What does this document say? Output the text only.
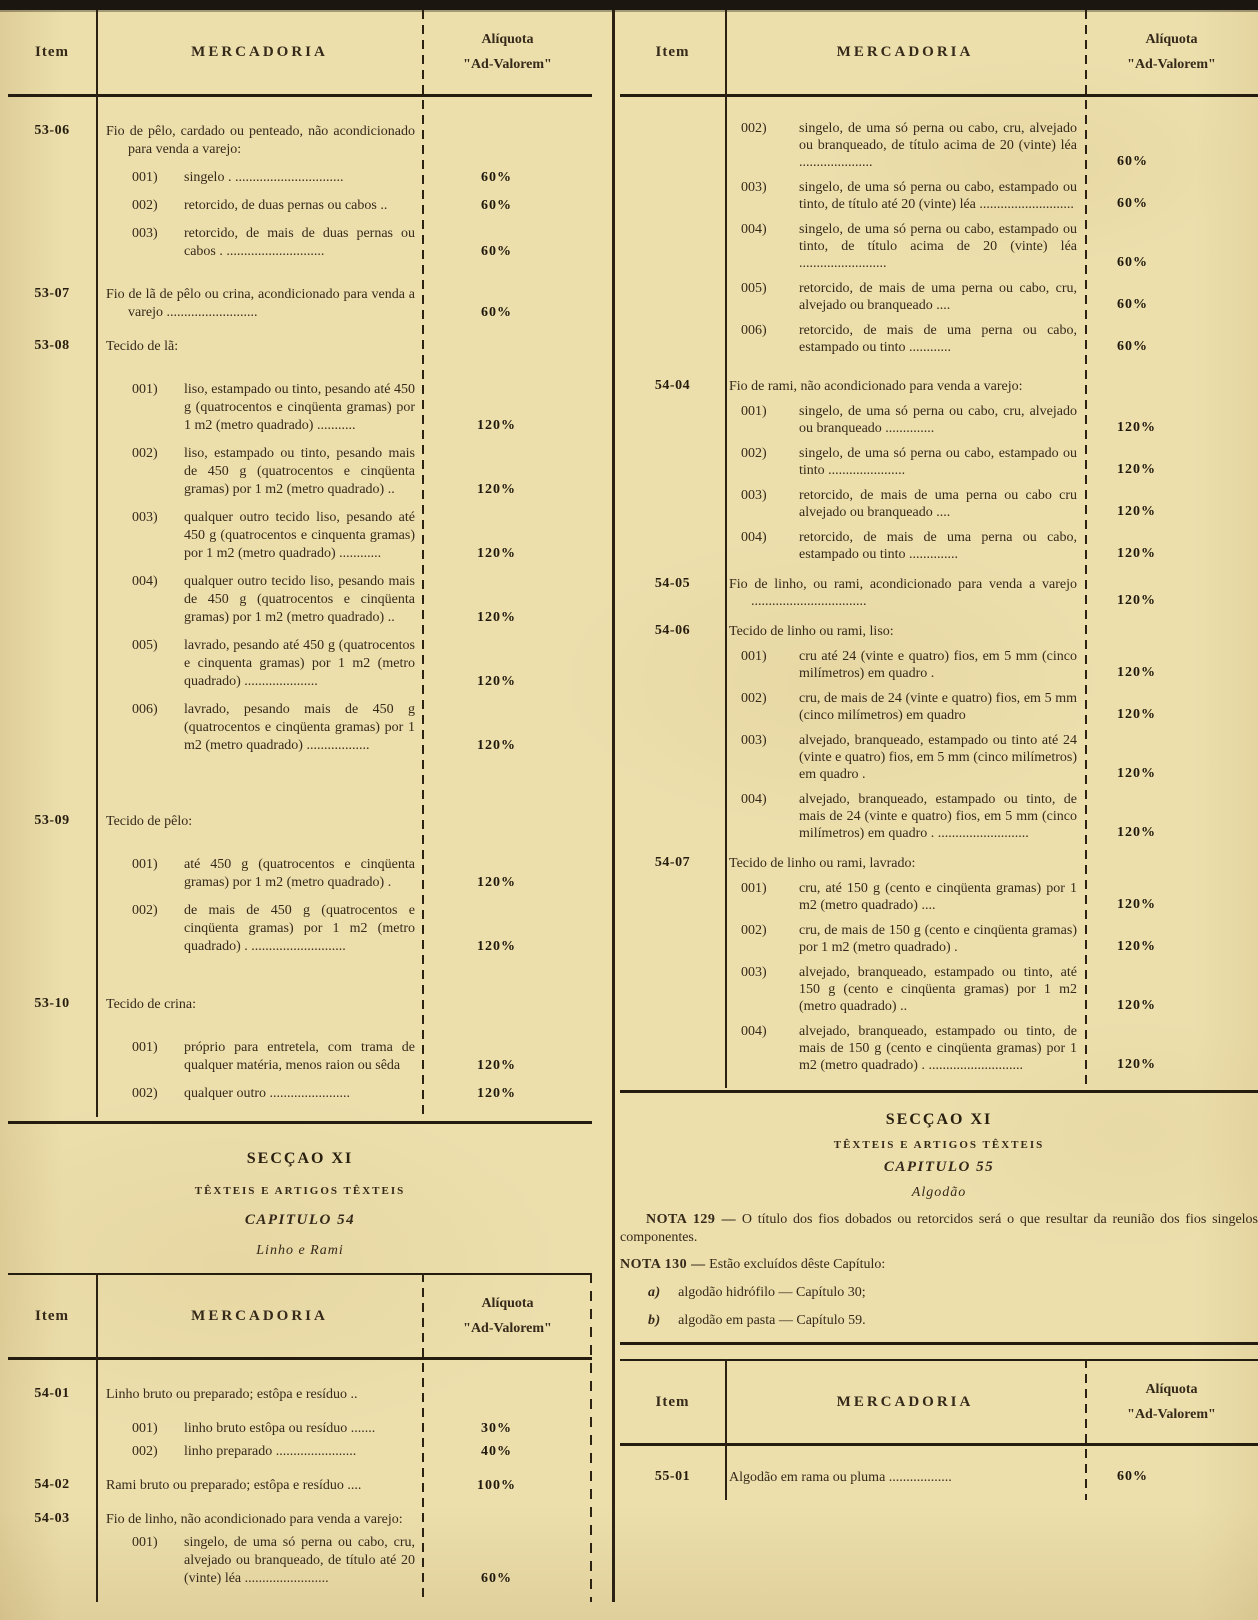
Item	MERCADORIA
Alíquota
"Ad-Valorem"
53-06	Fio de pêlo, cardado ou penteado, não acondicionado para venda a varejo:
001)	singelo . ...............................	60%
002)	retorcido, de duas pernas ou cabos ..	60%
003)	retorcido, de mais de duas pernas ou cabos . ............................	60%
53-07	Fio de lã de pêlo ou crina, acondicionado para venda a varejo ..........................	60%
53-08	Tecido de lã:
001)	liso, estampado ou tinto, pesando até 450 g (quatrocentos e cinqüenta gramas) por 1 m2 (metro quadrado) ...........	120%
002)	liso, estampado ou tinto, pesando mais de 450 g (quatrocentos e cinqüenta gramas) por 1 m2 (metro quadrado) ..	120%
003)	qualquer outro tecido liso, pesando até 450 g (quatrocentos e cinquenta gramas) por 1 m2 (metro quadrado) ............	120%
004)	qualquer outro tecido liso, pesando mais de 450 g (quatrocentos e cinqüenta gramas) por 1 m2 (metro quadrado) ..	120%
005)	lavrado, pesando até 450 g (quatrocentos e cinquenta gramas) por 1 m2 (metro quadrado) .....................	120%
006)	lavrado, pesando mais de 450 g (quatrocentos e cinqüenta gramas) por 1 m2 (metro quadrado) ..................	120%
53-09	Tecido de pêlo:
001)	até 450 g (quatrocentos e cinqüenta gramas) por 1 m2 (metro quadrado) .	120%
002)	de mais de 450 g (quatrocentos e cinqüenta gramas) por 1 m2 (metro quadrado) . ...........................	120%
53-10	Tecido de crina:
001)	próprio para entretela, com trama de qualquer matéria, menos raion ou sêda	120%
002)	qualquer outro .......................	120%
SECÇAO XI
TÊXTEIS E ARTIGOS TÊXTEIS
CAPITULO 54
Linho e Rami
Item	MERCADORIA
Alíquota
"Ad-Valorem"
54-01	Linho bruto ou preparado; estôpa e resíduo ..
001)	linho bruto estôpa ou resíduo .......	30%
002)	linho preparado .......................	40%
54-02	Rami bruto ou preparado; estôpa e resíduo ....	100%
54-03	Fio de linho, não acondicionado para venda a varejo:
001)	singelo, de uma só perna ou cabo, cru, alvejado ou branqueado, de título até 20 (vinte) léa ........................	60%
Item	MERCADORIA
Alíquota
"Ad-Valorem"
002)	singelo, de uma só perna ou cabo, cru, alvejado ou branqueado, de título acima de 20 (vinte) léa .....................	60%
003)	singelo, de uma só perna ou cabo, estampado ou tinto, de título até 20 (vinte) léa ...........................	60%
004)	singelo, de uma só perna ou cabo, estampado ou tinto, de título acima de 20 (vinte) léa .........................	60%
005)	retorcido, de mais de uma perna ou cabo, cru, alvejado ou branqueado ....	60%
006)	retorcido, de mais de uma perna ou cabo, estampado ou tinto ............	60%
54-04	Fio de rami, não acondicionado para venda a varejo:
001)	singelo, de uma só perna ou cabo, cru, alvejado ou branqueado ..............	120%
002)	singelo, de uma só perna ou cabo, estampado ou tinto ......................	120%
003)	retorcido, de mais de uma perna ou cabo cru alvejado ou branqueado ....	120%
004)	retorcido, de mais de uma perna ou cabo, estampado ou tinto ..............	120%
54-05	Fio de linho, ou rami, acondicionado para venda a varejo .................................	120%
54-06	Tecido de linho ou rami, liso:
001)	cru até 24 (vinte e quatro) fios, em 5 mm (cinco milímetros) em quadro .	120%
002)	cru, de mais de 24 (vinte e quatro) fios, em 5 mm (cinco milímetros) em quadro	120%
003)	alvejado, branqueado, estampado ou tinto até 24 (vinte e quatro) fios, em 5 mm (cinco milímetros) em quadro .	120%
004)	alvejado, branqueado, estampado ou tinto, de mais de 24 (vinte e quatro) fios, em 5 mm (cinco milímetros) em quadro . ..........................	120%
54-07	Tecido de linho ou rami, lavrado:
001)	cru, até 150 g (cento e cinqüenta gramas) por 1 m2 (metro quadrado) ....	120%
002)	cru, de mais de 150 g (cento e cinqüenta gramas) por 1 m2 (metro quadrado) .	120%
003)	alvejado, branqueado, estampado ou tinto, até 150 g (cento e cinqüenta gramas) por 1 m2 (metro quadrado) ..	120%
004)	alvejado, branqueado, estampado ou tinto, de mais de 150 g (cento e cinqüenta gramas) por 1 m2 (metro quadrado) . ...........................	120%
SECÇAO XI
TÊXTEIS E ARTIGOS TÊXTEIS
CAPITULO 55
Algodão
NOTA 129 — O título dos fios dobados ou retorcidos será o que resultar da reunião dos fios singelos componentes.
NOTA 130 — Estão excluídos dêste Capítulo:
a) algodão hidrófilo — Capítulo 30;
b) algodão em pasta — Capítulo 59.
Item	MERCADORIA
Alíquota
"Ad-Valorem"
55-01	Algodão em rama ou pluma ..................	60%
